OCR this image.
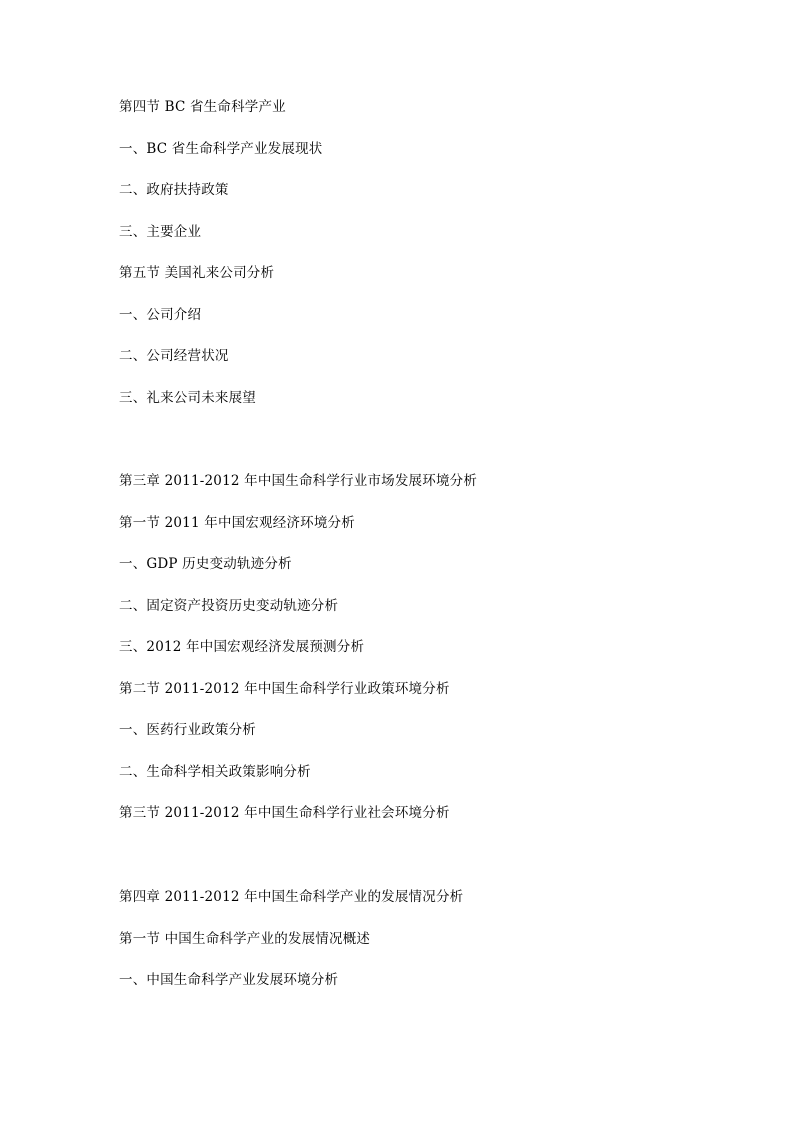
第四节 BC 省生命科学产业
一、BC 省生命科学产业发展现状
二、政府扶持政策
三、主要企业
第五节 美国礼来公司分析
一、公司介绍
二、公司经营状况
三、礼来公司未来展望
第三章 2011-2012 年中国生命科学行业市场发展环境分析
第一节 2011 年中国宏观经济环境分析
一、GDP 历史变动轨迹分析
二、固定资产投资历史变动轨迹分析
三、2012 年中国宏观经济发展预测分析
第二节 2011-2012 年中国生命科学行业政策环境分析
一、医药行业政策分析
二、生命科学相关政策影响分析
第三节 2011-2012 年中国生命科学行业社会环境分析
第四章 2011-2012 年中国生命科学产业的发展情况分析
第一节 中国生命科学产业的发展情况概述
一、中国生命科学产业发展环境分析
